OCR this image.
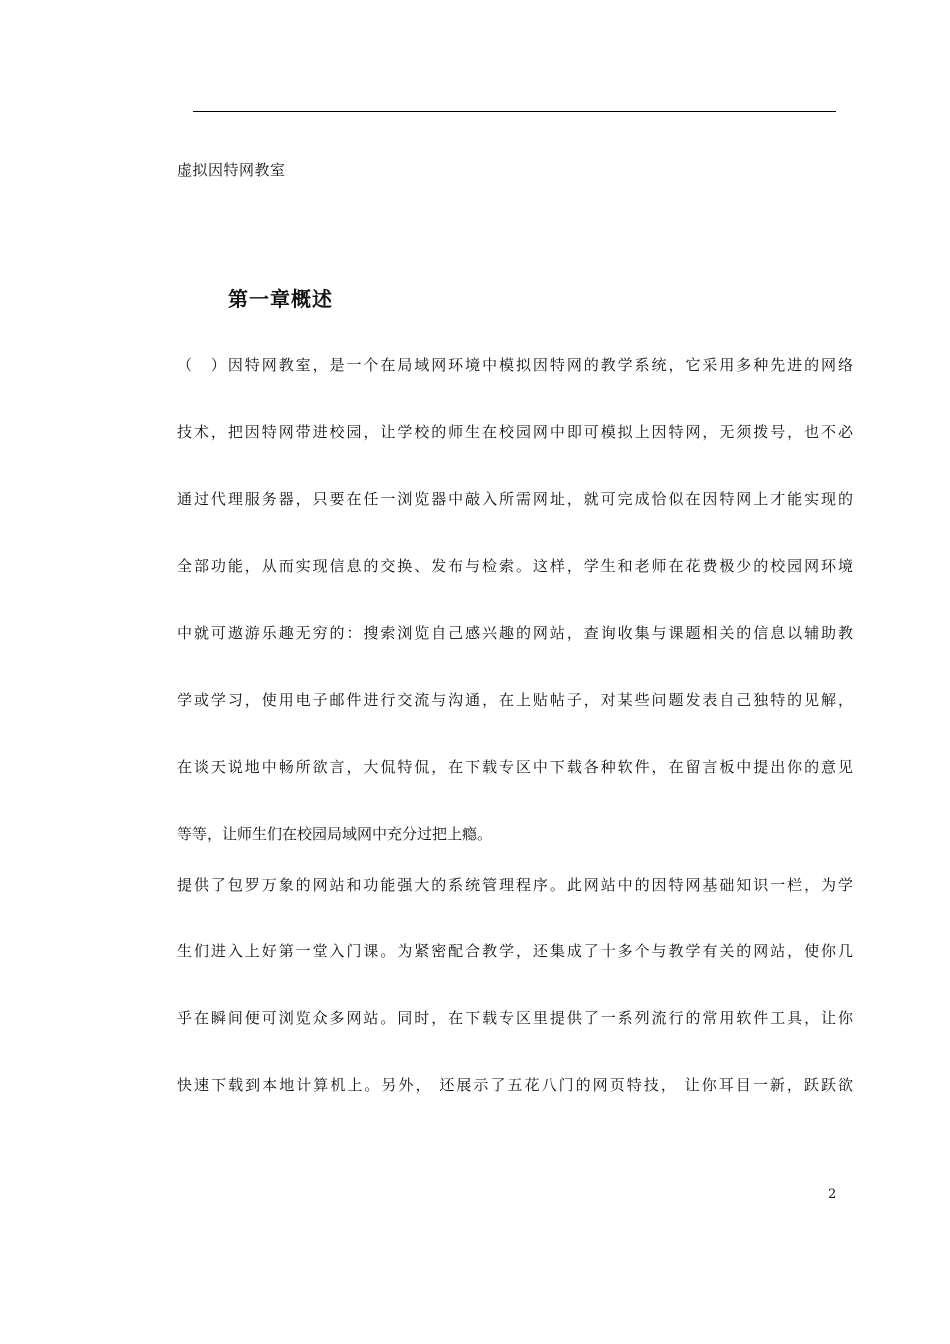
虚拟因特网教室
第一章概述
（　）因特网教室，是一个在局域网环境中模拟因特网的教学系统，它采用多种先进的网络
技术，把因特网带进校园，让学校的师生在校园网中即可模拟上因特网，无须拨号，也不必
通过代理服务器，只要在任一浏览器中敲入所需网址，就可完成恰似在因特网上才能实现的
全部功能，从而实现信息的交换、发布与检索。这样，学生和老师在花费极少的校园网环境
中就可遨游乐趣无穷的：搜索浏览自己感兴趣的网站，查询收集与课题相关的信息以辅助教
学或学习，使用电子邮件进行交流与沟通，在上贴帖子，对某些问题发表自己独特的见解，
在谈天说地中畅所欲言，大侃特侃，在下载专区中下载各种软件，在留言板中提出你的意见
等等，让师生们在校园局域网中充分过把上瘾。
提供了包罗万象的网站和功能强大的系统管理程序。此网站中的因特网基础知识一栏，为学
生们进入上好第一堂入门课。为紧密配合教学，还集成了十多个与教学有关的网站，使你几
乎在瞬间便可浏览众多网站。同时，在下载专区里提供了一系列流行的常用软件工具，让你
快速下载到本地计算机上。另外， 还展示了五花八门的网页特技， 让你耳目一新，跃跃欲
2
